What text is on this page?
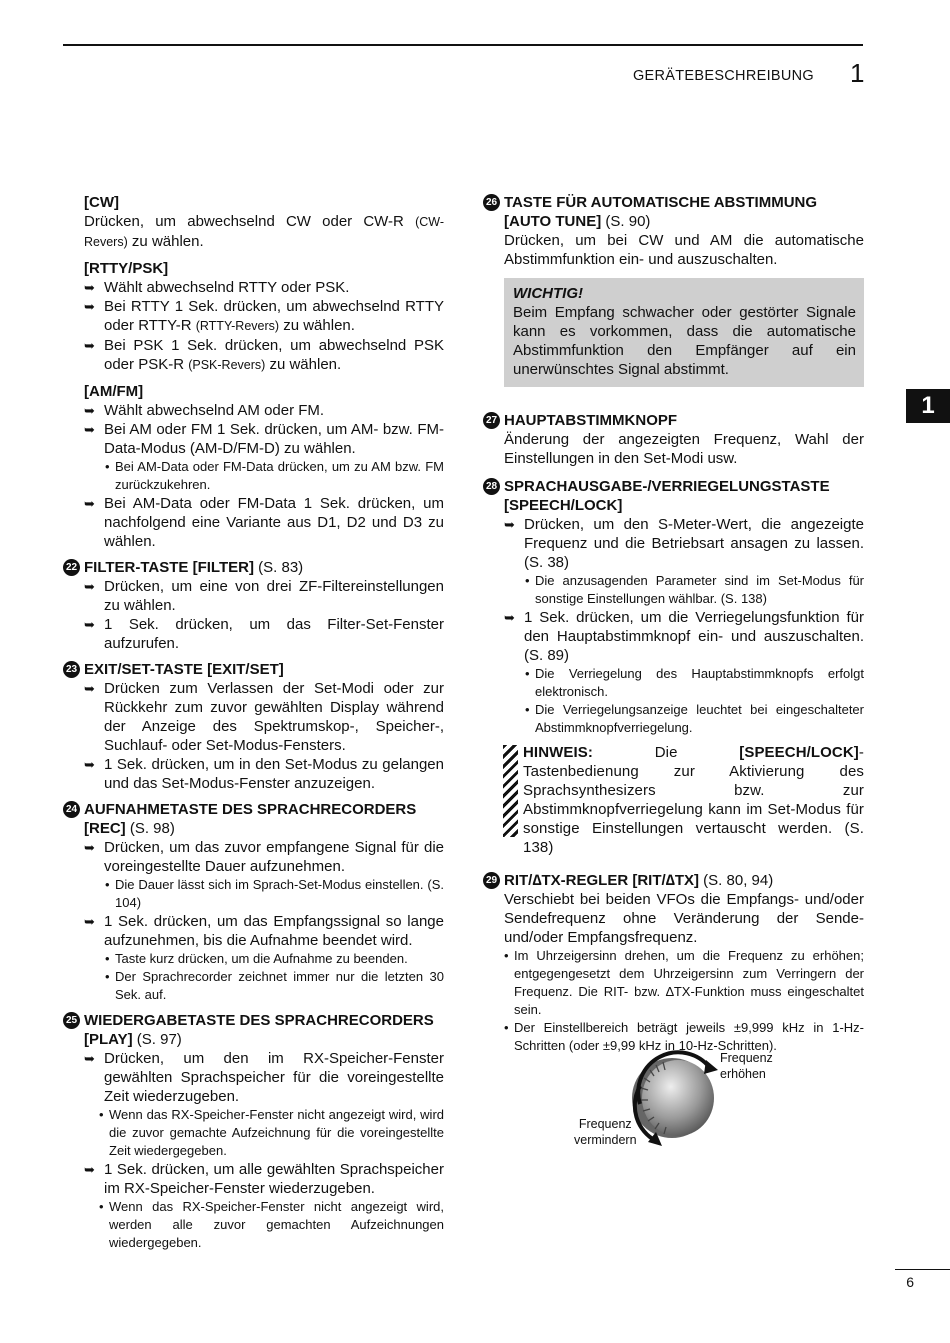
GERÄTEBESCHREIBUNG 1
1
[CW]
Drücken, um abwechselnd CW oder CW-R (CW-Revers) zu wählen.
[RTTY/PSK]
➥ Wählt abwechselnd RTTY oder PSK.
➥ Bei RTTY 1 Sek. drücken, um abwechselnd RTTY oder RTTY-R (RTTY-Revers) zu wählen.
➥ Bei PSK 1 Sek. drücken, um abwechselnd PSK oder PSK-R (PSK-Revers) zu wählen.
[AM/FM]
➥ Wählt abwechselnd AM oder FM.
➥ Bei AM oder FM 1 Sek. drücken, um AM- bzw. FM-Data-Modus (AM-D/FM-D) zu wählen.
• Bei AM-Data oder FM-Data drücken, um zu AM bzw. FM zurückzukehren.
➥ Bei AM-Data oder FM-Data 1 Sek. drücken, um nachfolgend eine Variante aus D1, D2 und D3 zu wählen.
22 FILTER-TASTE [FILTER] (S. 83)
➥ Drücken, um eine von drei ZF-Filtereinstellungen zu wählen.
➥ 1 Sek. drücken, um das Filter-Set-Fenster aufzurufen.
23 EXIT/SET-TASTE [EXIT/SET]
➥ Drücken zum Verlassen der Set-Modi oder zur Rückkehr zum zuvor gewählten Display während der Anzeige des Spektrumskop-, Speicher-, Suchlauf- oder Set-Modus-Fensters.
➥ 1 Sek. drücken, um in den Set-Modus zu gelangen und das Set-Modus-Fenster anzuzeigen.
24 AUFNAHMETASTE DES SPRACHRECORDERS [REC] (S. 98)
➥ Drücken, um das zuvor empfangene Signal für die voreingestellte Dauer aufzunehmen.
• Die Dauer lässt sich im Sprach-Set-Modus einstellen. (S. 104)
➥ 1 Sek. drücken, um das Empfangssignal so lange aufzunehmen, bis die Aufnahme beendet wird.
• Taste kurz drücken, um die Aufnahme zu beenden.
• Der Sprachrecorder zeichnet immer nur die letzten 30 Sek. auf.
25 WIEDERGABETASTE DES SPRACHRECORDERS [PLAY] (S. 97)
➥ Drücken, um den im RX-Speicher-Fenster gewählten Sprachspeicher für die voreingestellte Zeit wiederzugeben.
• Wenn das RX-Speicher-Fenster nicht angezeigt wird, wird die zuvor gemachte Aufzeichnung für die voreingestellte Zeit wiedergegeben.
➥ 1 Sek. drücken, um alle gewählten Sprachspeicher im RX-Speicher-Fenster wiederzugeben.
• Wenn das RX-Speicher-Fenster nicht angezeigt wird, werden alle zuvor gemachten Aufzeichnungen wiedergegeben.
26 TASTE FÜR AUTOMATISCHE ABSTIMMUNG [AUTO TUNE] (S. 90)
Drücken, um bei CW und AM die automatische Abstimmfunktion ein- und auszuschalten.
WICHTIG!
Beim Empfang schwacher oder gestörter Signale kann es vorkommen, dass die automatische Abstimmfunktion den Empfänger auf ein unerwünschtes Signal abstimmt.
27 HAUPTABSTIMMKNOPF
Änderung der angezeigten Frequenz, Wahl der Einstellungen in den Set-Modi usw.
28 SPRACHAUSGABE-/VERRIEGELUNGSTASTE [SPEECH/LOCK]
➥ Drücken, um den S-Meter-Wert, die angezeigte Frequenz und die Betriebsart ansagen zu lassen. (S. 38)
• Die anzusagenden Parameter sind im Set-Modus für sonstige Einstellungen wählbar. (S. 138)
➥ 1 Sek. drücken, um die Verriegelungsfunktion für den Hauptabstimmknopf ein- und auszuschalten. (S. 89)
• Die Verriegelung des Hauptabstimmknopfs erfolgt elektronisch.
• Die Verriegelungsanzeige leuchtet bei eingeschalteter Abstimmknopfverriegelung.
HINWEIS: Die [SPEECH/LOCK]-Tastenbedienung zur Aktivierung des Sprachsynthesizers bzw. zur Abstimmknopfverriegelung kann im Set-Modus für sonstige Einstellungen vertauscht werden. (S. 138)
29 RIT/∆TX-REGLER [RIT/∆TX] (S. 80, 94)
Verschiebt bei beiden VFOs die Empfangs- und/oder Sendefrequenz ohne Veränderung der Sende- und/oder Empfangsfrequenz.
• Im Uhrzeigersinn drehen, um die Frequenz zu erhöhen; entgegengesetzt dem Uhrzeigersinn zum Verringern der Frequenz. Die RIT- bzw. ∆TX-Funktion muss eingeschaltet sein.
• Der Einstellbereich beträgt jeweils ±9,999 kHz in 1-Hz-Schritten (oder ±9,99 kHz in 10-Hz-Schritten).
Frequenz
erhöhen
Frequenz
vermindern
6
